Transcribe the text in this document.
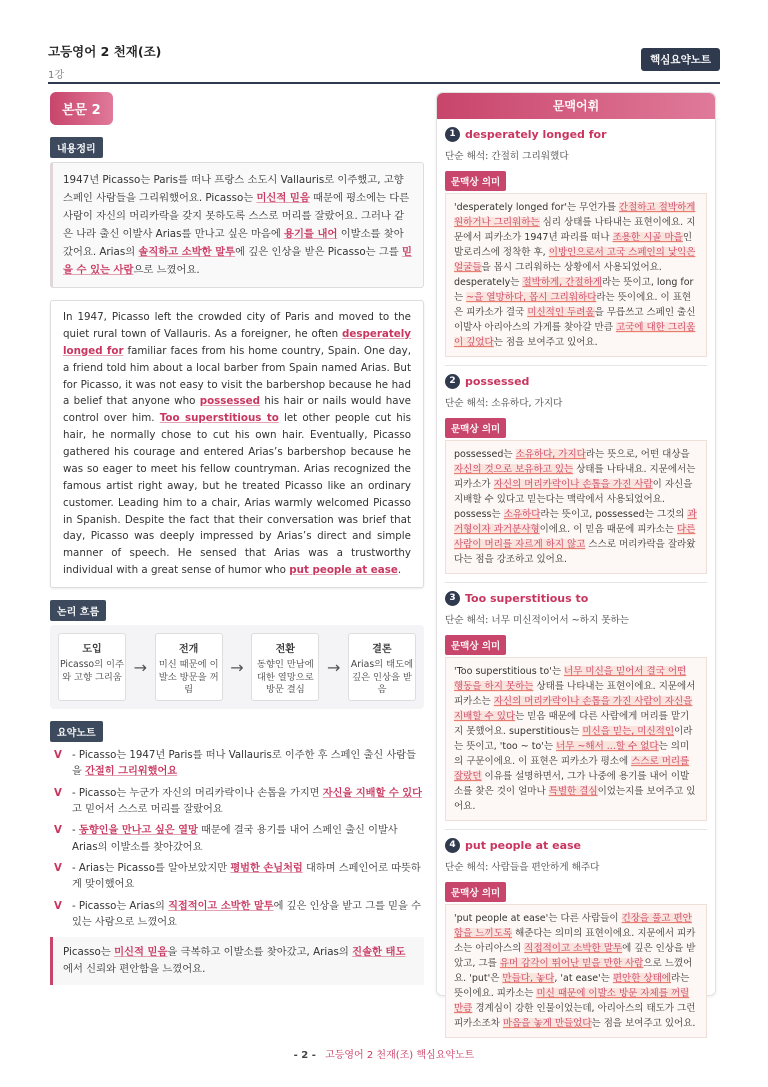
고등영어 2 천재(조)
1강
핵심요약노트
본문 2
내용정리
1947년 Picasso는 Paris를 떠나 프랑스 소도시 Vallauris로 이주했고, 고향 스페인 사람들을 그리워했어요. Picasso는 미신적 믿음 때문에 평소에는 다른 사람이 자신의 머리카락을 갖지 못하도록 스스로 머리를 잘랐어요. 그러나 같은 나라 출신 이발사 Arias를 만나고 싶은 마음에 용기를 내어 이발소를 찾아갔어요. Arias의 솔직하고 소박한 말투에 깊은 인상을 받은 Picasso는 그를 믿을 수 있는 사람으로 느꼈어요.
In 1947, Picasso left the crowded city of Paris and moved to the quiet rural town of Vallauris. As a foreigner, he often desperately longed for familiar faces from his home country, Spain. One day, a friend told him about a local barber from Spain named Arias. But for Picasso, it was not easy to visit the barbershop because he had a belief that anyone who possessed his hair or nails would have control over him. Too superstitious to let other people cut his hair, he normally chose to cut his own hair. Eventually, Picasso gathered his courage and entered Arias’s barbershop because he was so eager to meet his fellow countryman. Arias recognized the famous artist right away, but he treated Picasso like an ordinary customer. Leading him to a chair, Arias warmly welcomed Picasso in Spanish. Despite the fact that their conversation was brief that day, Picasso was deeply impressed by Arias’s direct and simple manner of speech. He sensed that Arias was a trustworthy individual with a great sense of humor who put people at ease.
논리 흐름
도입
Picasso의 이주와 고향 그리움
→
전개
미신 때문에 이발소 방문을 꺼림
→
전환
동향인 만남에 대한 열망으로 방문 결심
→
결론
Arias의 태도에 깊은 인상을 받음
요약노트
V - Picasso는 1947년 Paris를 떠나 Vallauris로 이주한 후 스페인 출신 사람들을 간절히 그리워했어요
V - Picasso는 누군가 자신의 머리카락이나 손톱을 가지면 자신을 지배할 수 있다고 믿어서 스스로 머리를 잘랐어요
V - 동향인을 만나고 싶은 열망 때문에 결국 용기를 내어 스페인 출신 이발사 Arias의 이발소를 찾아갔어요
V - Arias는 Picasso를 알아보았지만 평범한 손님처럼 대하며 스페인어로 따뜻하게 맞이했어요
V - Picasso는 Arias의 직접적이고 소박한 말투에 깊은 인상을 받고 그를 믿을 수 있는 사람으로 느꼈어요
Picasso는 미신적 믿음을 극복하고 이발소를 찾아갔고, Arias의 진솔한 태도에서 신뢰와 편안함을 느꼈어요.
문맥어휘
1 desperately longed for
단순 해석: 간절히 그리워했다
문맥상 의미
'desperately longed for'는 무언가를 간절하고 절박하게 원하거나 그리워하는 심리 상태를 나타내는 표현이에요. 지문에서 피카소가 1947년 파리를 떠나 조용한 시골 마을인 발로리스에 정착한 후, 이방인으로서 고국 스페인의 낯익은 얼굴들을 몹시 그리워하는 상황에서 사용되었어요. desperately는 절박하게, 간절하게라는 뜻이고, long for는 ~을 열망하다, 몹시 그리워하다라는 뜻이에요. 이 표현은 피카소가 결국 미신적인 두려움을 무릅쓰고 스페인 출신 이발사 아리아스의 가게를 찾아갈 만큼 고국에 대한 그리움이 깊었다는 점을 보여주고 있어요.
2 possessed
단순 해석: 소유하다, 가지다
문맥상 의미
possessed는 소유하다, 가지다라는 뜻으로, 어떤 대상을 자신의 것으로 보유하고 있는 상태를 나타내요. 지문에서는 피카소가 자신의 머리카락이나 손톱을 가진 사람이 자신을 지배할 수 있다고 믿는다는 맥락에서 사용되었어요. possess는 소유하다라는 뜻이고, possessed는 그것의 과거형이자 과거분사형이에요. 이 믿음 때문에 피카소는 다른 사람이 머리를 자르게 하지 않고 스스로 머리카락을 잘라왔다는 점을 강조하고 있어요.
3 Too superstitious to
단순 해석: 너무 미신적이어서 ~하지 못하는
문맥상 의미
'Too superstitious to'는 너무 미신을 믿어서 결국 어떤 행동을 하지 못하는 상태를 나타내는 표현이에요. 지문에서 피카소는 자신의 머리카락이나 손톱을 가진 사람이 자신을 지배할 수 있다는 믿음 때문에 다른 사람에게 머리를 맡기지 못했어요. superstitious는 미신을 믿는, 미신적인이라는 뜻이고, 'too ~ to'는 너무 ~해서 ...할 수 없다는 의미의 구문이에요. 이 표현은 피카소가 평소에 스스로 머리를 잘랐던 이유를 설명하면서, 그가 나중에 용기를 내어 이발소를 찾은 것이 얼마나 특별한 결심이었는지를 보여주고 있어요.
4 put people at ease
단순 해석: 사람들을 편안하게 해주다
문맥상 의미
'put people at ease'는 다른 사람들이 긴장을 풀고 편안함을 느끼도록 해준다는 의미의 표현이에요. 지문에서 피카소는 아리아스의 직접적이고 소박한 말투에 깊은 인상을 받았고, 그를 유머 감각이 뛰어난 믿을 만한 사람으로 느꼈어요. 'put'은 만들다, 놓다, 'at ease'는 편안한 상태에라는 뜻이에요. 피카소는 미신 때문에 이발소 방문 자체를 꺼릴 만큼 경계심이 강한 인물이었는데, 아리아스의 태도가 그런 피카소조차 마음을 놓게 만들었다는 점을 보여주고 있어요.
- 2 - 고등영어 2 천재(조) 핵심요약노트
